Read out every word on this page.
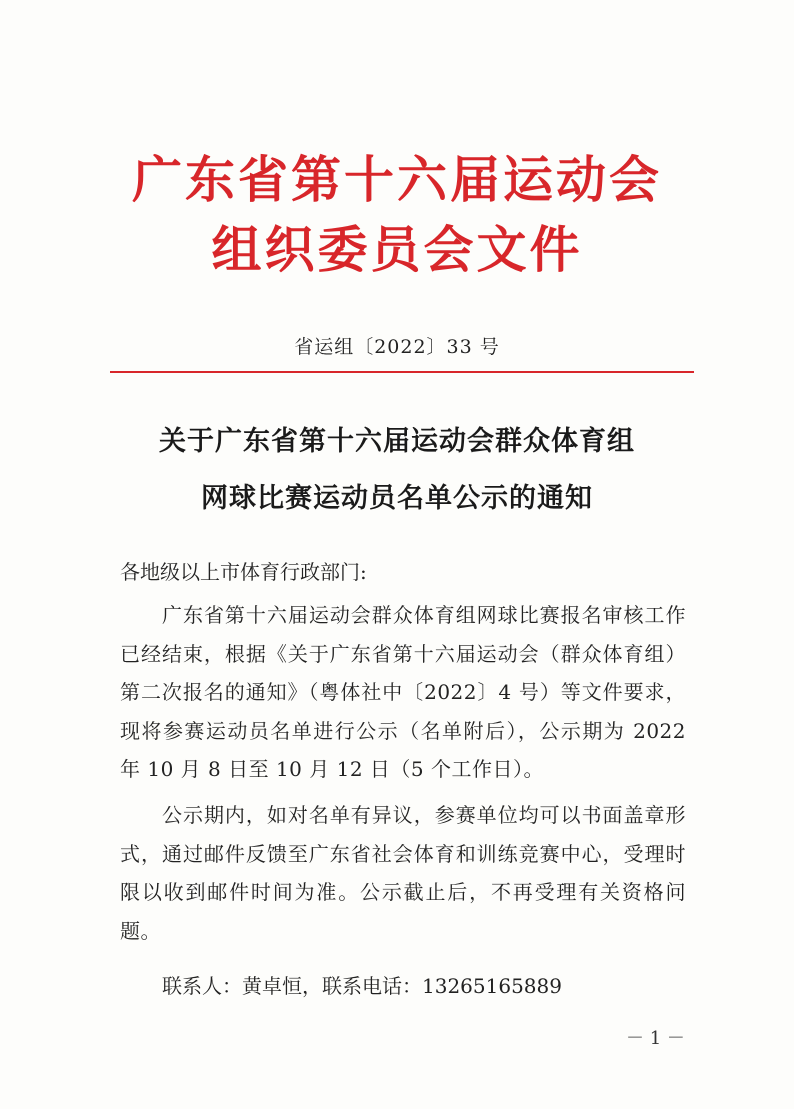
广东省第十六届运动会
组织委员会文件
省运组〔2022〕33 号
关于广东省第十六届运动会群众体育组
网球比赛运动员名单公示的通知
各地级以上市体育行政部门:
广东省第十六届运动会群众体育组网球比赛报名审核工作已经结束，根据《关于广东省第十六届运动会（群众体育组）第二次报名的通知》（粤体社中〔2022〕4 号）等文件要求，现将参赛运动员名单进行公示（名单附后），公示期为 2022 年 10 月 8 日至 10 月 12 日（5 个工作日）。
公示期内，如对名单有异议，参赛单位均可以书面盖章形式，通过邮件反馈至广东省社会体育和训练竞赛中心，受理时限以收到邮件时间为准。公示截止后，不再受理有关资格问题。
联系人：黄卓恒，联系电话：13265165889
－ 1 －
